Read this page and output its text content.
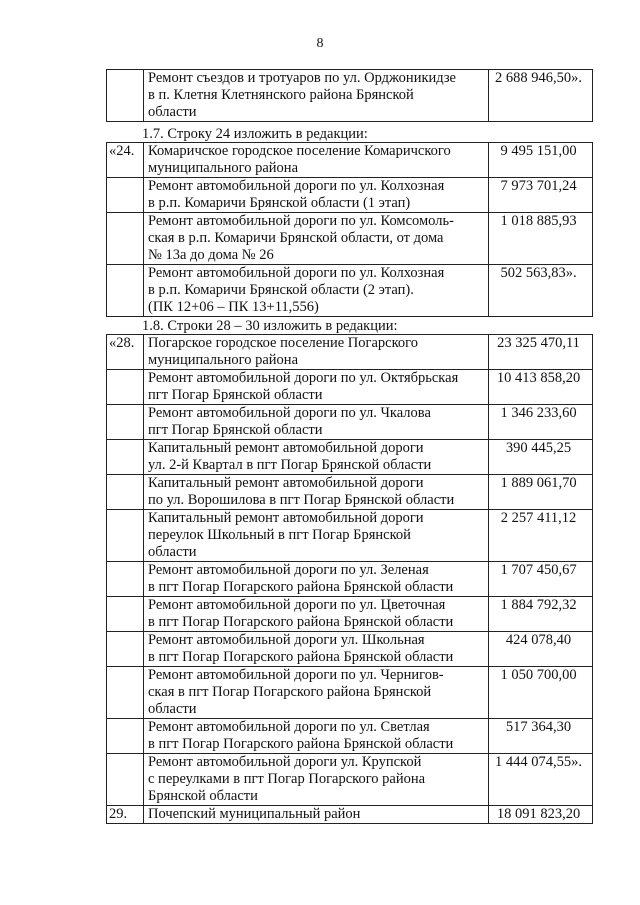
8

Ремонт съездов и тротуаров по ул. Орджоникидзе
в п. Клетня Клетнянского района Брянской
области
	2 688 946,50».
1.7. Строку 24 изложить в редакции:
«24.	Комаричское городское поселение Комаричского
муниципального района	9 495 151,00

	Ремонт автомобильной дороги по ул. Колхозная
в р.п. Комаричи Брянской области (1 этап)	7 973 701,24

	Ремонт автомобильной дороги по ул. Комсомоль-
ская в р.п. Комаричи Брянской области, от дома
№ 13а до дома № 26	1 018 885,93

	Ремонт автомобильной дороги по ул. Колхозная
в р.п. Комаричи Брянской области (2 этап).
(ПК 12+06 – ПК 13+11,556)	502 563,83».
1.8. Строки 28 – 30 изложить в редакции:
«28.	Погарское городское поселение Погарского
муниципального района	23 325 470,11

	Ремонт автомобильной дороги по ул. Октябрьская
пгт Погар Брянской области	10 413 858,20

	Ремонт автомобильной дороги по ул. Чкалова
пгт Погар Брянской области	1 346 233,60

	Капитальный ремонт автомобильной дороги
ул. 2-й Квартал в пгт Погар Брянской области	390 445,25

	Капитальный ремонт автомобильной дороги
по ул. Ворошилова в пгт Погар Брянской области	1 889 061,70

	Капитальный ремонт автомобильной дороги
переулок Школьный в пгт Погар Брянской
области	2 257 411,12

	Ремонт автомобильной дороги по ул. Зеленая
в пгт Погар Погарского района Брянской области	1 707 450,67

	Ремонт автомобильной дороги по ул. Цветочная
в пгт Погар Погарского района Брянской области	1 884 792,32

	Ремонт автомобильной дороги ул. Школьная
в пгт Погар Погарского района Брянской области	424 078,40

	Ремонт автомобильной дороги по ул. Чернигов-
ская в пгт Погар Погарского района Брянской
области	1 050 700,00

	Ремонт автомобильной дороги по ул. Светлая
в пгт Погар Погарского района Брянской области	517 364,30

	Ремонт автомобильной дороги ул. Крупской
с переулками в пгт Погар Погарского района
Брянской области	1 444 074,55».
29.	Почепский муниципальный район	18 091 823,20
